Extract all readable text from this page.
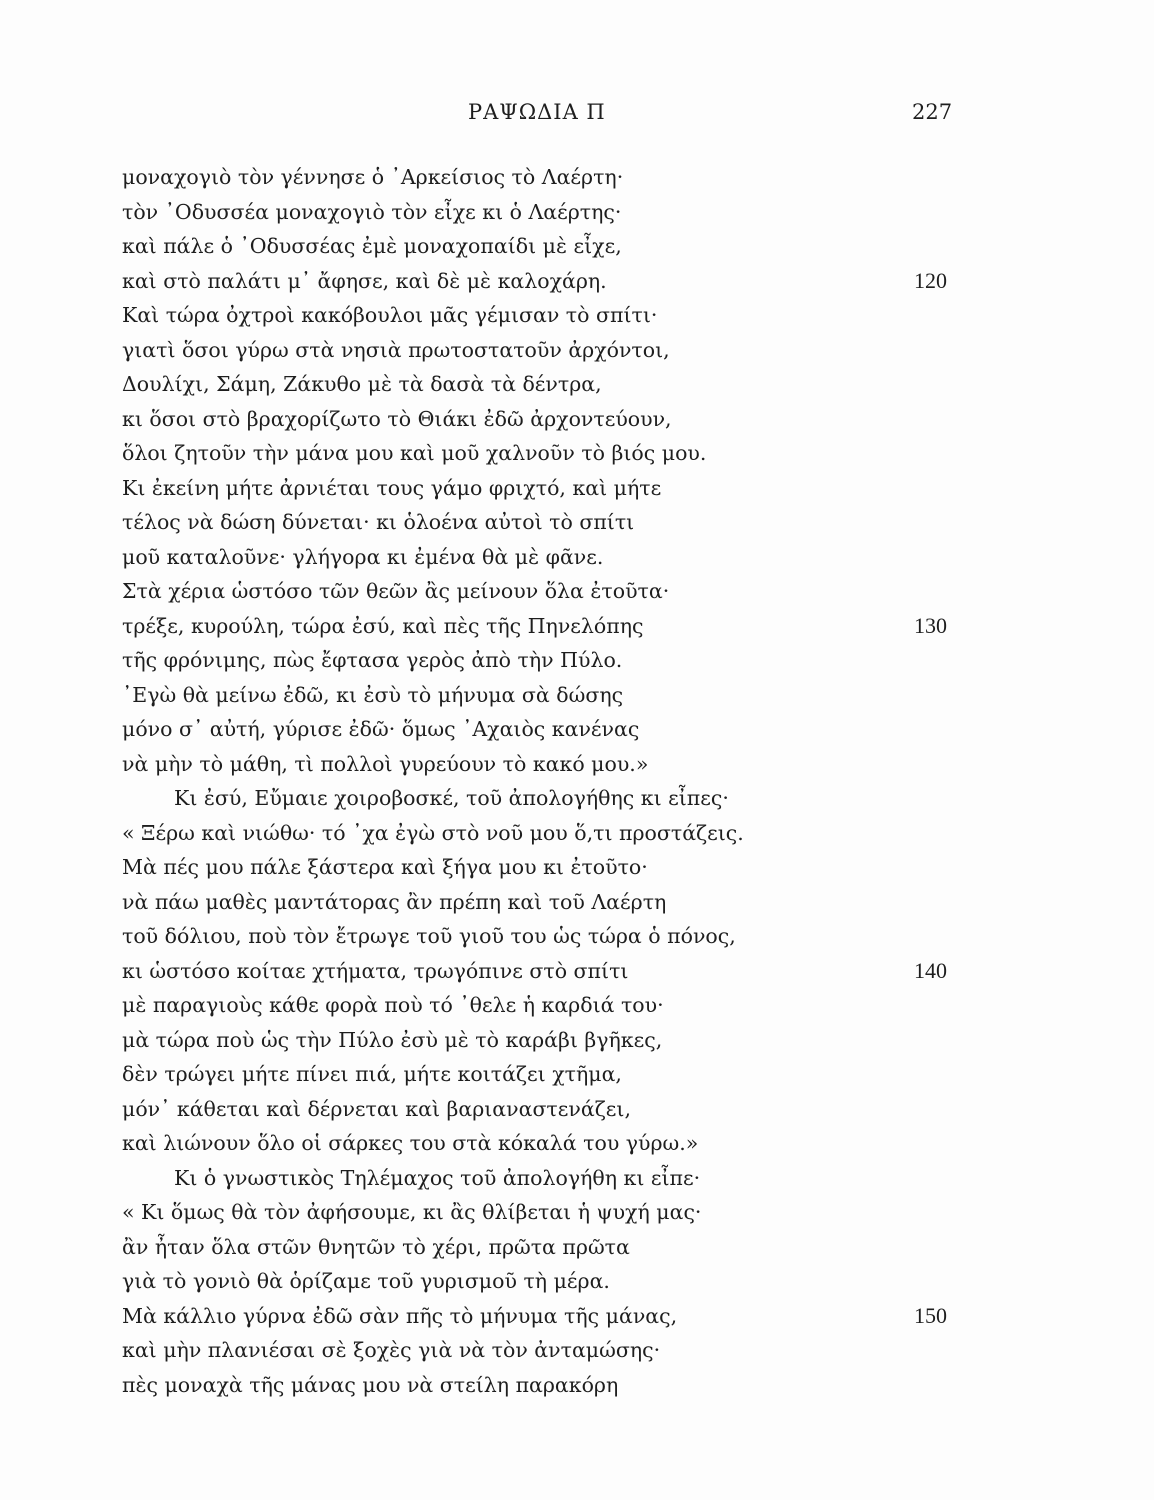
ΡΑΨΩΔΙΑ Π	227
μοναχογιὸ τὸν γέννησε ὁ ᾿Αρκείσιος τὸ Λαέρτη·
τὸν ᾿Οδυσσέα μοναχογιὸ τὸν εἶχε κι ὁ Λαέρτης·
καὶ πάλε ὁ ᾿Οδυσσέας ἐμὲ μοναχοπαίδι μὲ εἶχε,
καὶ στὸ παλάτι μ᾿ ἄφησε, καὶ δὲ μὲ καλοχάρη.	120
Καὶ τώρα ὀχτροὶ κακόβουλοι μᾶς γέμισαν τὸ σπίτι·
γιατὶ ὅσοι γύρω στὰ νησιὰ πρωτοστατοῦν ἀρχόντοι,
Δουλίχι, Σάμη, Ζάκυθο μὲ τὰ δασὰ τὰ δέντρα,
κι ὅσοι στὸ βραχορίζωτο τὸ Θιάκι ἐδῶ ἀρχοντεύουν,
ὅλοι ζητοῦν τὴν μάνα μου καὶ μοῦ χαλνοῦν τὸ βιός μου.
Κι ἐκείνη μήτε ἀρνιέται τους γάμο φριχτό, καὶ μήτε
τέλος νὰ δώση δύνεται· κι ὁλοένα αὐτοὶ τὸ σπίτι
μοῦ καταλοῦνε· γλήγορα κι ἐμένα θὰ μὲ φᾶνε.
Στὰ χέρια ὡστόσο τῶν θεῶν ἂς μείνουν ὅλα ἐτοῦτα·
τρέξε, κυρούλη, τώρα ἐσύ, καὶ πὲς τῆς Πηνελόπης	130
τῆς φρόνιμης, πὼς ἔφτασα γερὸς ἀπὸ τὴν Πύλο.
᾿Εγὼ θὰ μείνω ἐδῶ, κι ἐσὺ τὸ μήνυμα σὰ δώσης
μόνο σ᾿ αὐτή, γύρισε ἐδῶ· ὅμως ᾿Αχαιὸς κανένας
νὰ μὴν τὸ μάθη, τὶ πολλοὶ γυρεύουν τὸ κακό μου.»
Κι ἐσύ, Εὔμαιε χοιροβοσκέ, τοῦ ἀπολογήθης κι εἶπες·
« Ξέρω καὶ νιώθω· τό ᾿χα ἐγὼ στὸ νοῦ μου ὅ,τι προστάζεις.
Μὰ πές μου πάλε ξάστερα καὶ ξήγα μου κι ἐτοῦτο·
νὰ πάω μαθὲς μαντάτορας ἂν πρέπη καὶ τοῦ Λαέρτη
τοῦ δόλιου, ποὺ τὸν ἔτρωγε τοῦ γιοῦ του ὡς τώρα ὁ πόνος,
κι ὡστόσο κοίταε χτήματα, τρωγόπινε στὸ σπίτι	140
μὲ παραγιοὺς κάθε φορὰ ποὺ τό ᾿θελε ἡ καρδιά του·
μὰ τώρα ποὺ ὡς τὴν Πύλο ἐσὺ μὲ τὸ καράβι βγῆκες,
δὲν τρώγει μήτε πίνει πιά, μήτε κοιτάζει χτῆμα,
μόν᾿ κάθεται καὶ δέρνεται καὶ βαριαναστενάζει,
καὶ λιώνουν ὅλο οἱ σάρκες του στὰ κόκαλά του γύρω.»
Κι ὁ γνωστικὸς Τηλέμαχος τοῦ ἀπολογήθη κι εἶπε·
« Κι ὅμως θὰ τὸν ἀφήσουμε, κι ἂς θλίβεται ἡ ψυχή μας·
ἂν ἦταν ὅλα στῶν θνητῶν τὸ χέρι, πρῶτα πρῶτα
γιὰ τὸ γονιὸ θὰ ὁρίζαμε τοῦ γυρισμοῦ τὴ μέρα.
Μὰ κάλλιο γύρνα ἐδῶ σὰν πῆς τὸ μήνυμα τῆς μάνας,	150
καὶ μὴν πλανιέσαι σὲ ξοχὲς γιὰ νὰ τὸν ἀνταμώσης·
πὲς μοναχὰ τῆς μάνας μου νὰ στείλη παρακόρη
